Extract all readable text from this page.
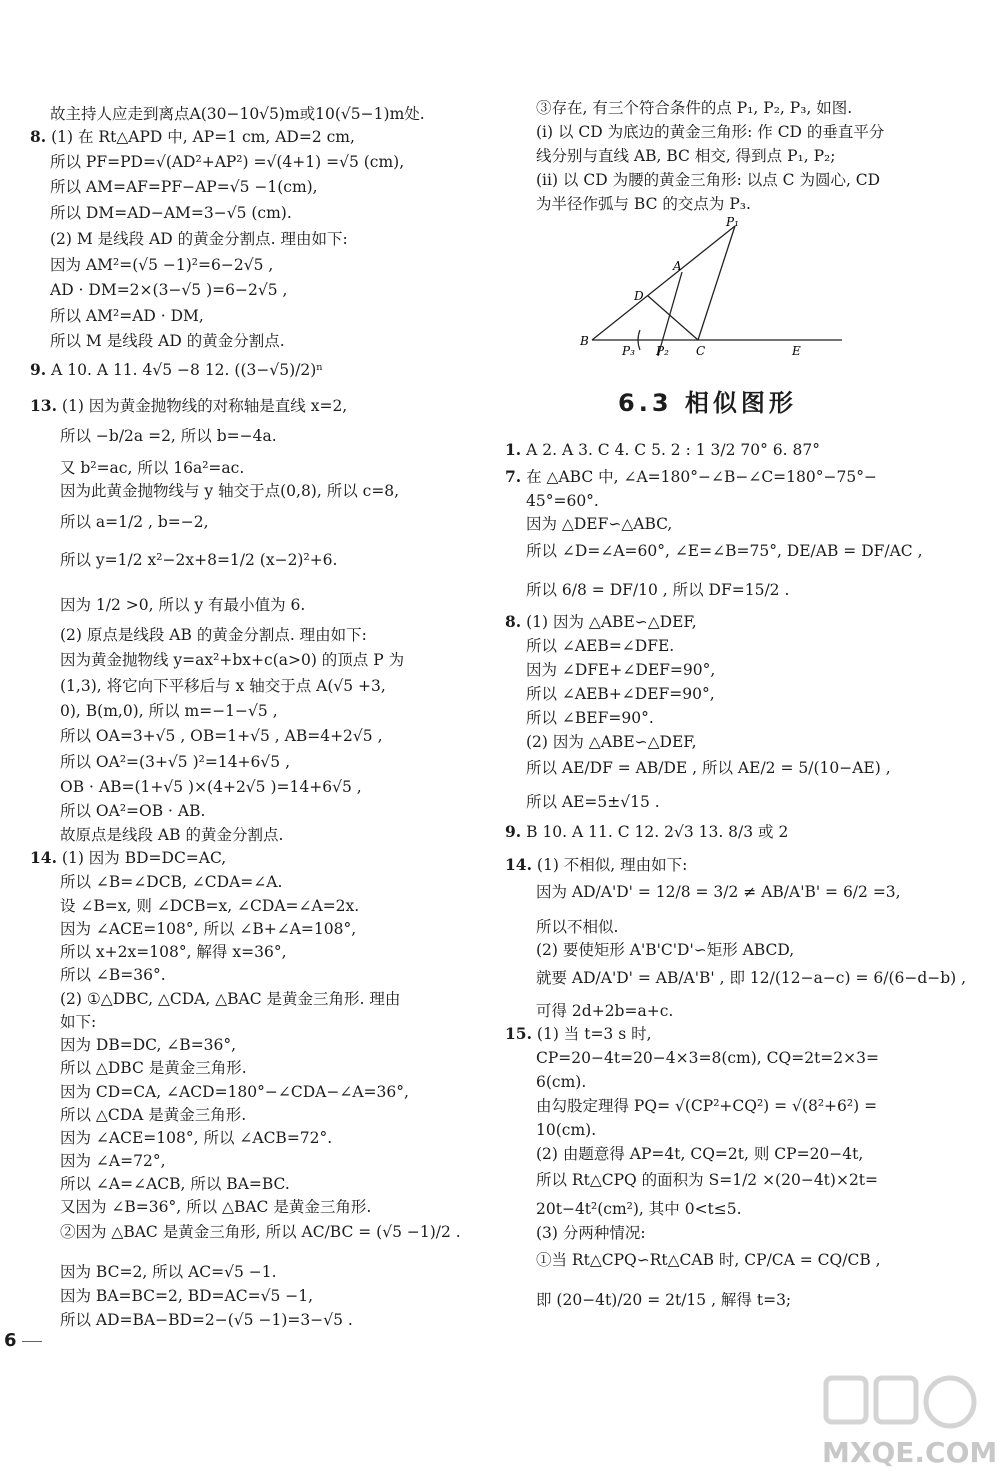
故主持人应走到离点A(30−10√5)m或10(√5−1)m处.
8. (1) 在 Rt△APD 中, AP=1 cm, AD=2 cm,
所以 PF=PD=√(AD²+AP²) =√(4+1) =√5 (cm),
所以 AM=AF=PF−AP=√5 −1(cm),
所以 DM=AD−AM=3−√5 (cm).
(2) M 是线段 AD 的黄金分割点. 理由如下:
因为 AM²=(√5 −1)²=6−2√5 ,
AD · DM=2×(3−√5 )=6−2√5 ,
所以 AM²=AD · DM,
所以 M 是线段 AD 的黄金分割点.
9. A 10. A 11. 4√5 −8 12. ((3−√5)/2)ⁿ
13. (1) 因为黄金抛物线的对称轴是直线 x=2,
所以 −b/2a =2, 所以 b=−4a.
又 b²=ac, 所以 16a²=ac.
因为此黄金抛物线与 y 轴交于点(0,8), 所以 c=8,
所以 a=1/2 , b=−2,
所以 y=1/2 x²−2x+8=1/2 (x−2)²+6.
因为 1/2 >0, 所以 y 有最小值为 6.
(2) 原点是线段 AB 的黄金分割点. 理由如下:
因为黄金抛物线 y=ax²+bx+c(a>0) 的顶点 P 为
(1,3), 将它向下平移后与 x 轴交于点 A(√5 +3,
0), B(m,0), 所以 m=−1−√5 ,
所以 OA=3+√5 , OB=1+√5 , AB=4+2√5 ,
所以 OA²=(3+√5 )²=14+6√5 ,
OB · AB=(1+√5 )×(4+2√5 )=14+6√5 ,
所以 OA²=OB · AB.
故原点是线段 AB 的黄金分割点.
14. (1) 因为 BD=DC=AC,
所以 ∠B=∠DCB, ∠CDA=∠A.
设 ∠B=x, 则 ∠DCB=x, ∠CDA=∠A=2x.
因为 ∠ACE=108°, 所以 ∠B+∠A=108°,
所以 x+2x=108°, 解得 x=36°,
所以 ∠B=36°.
(2) ①△DBC, △CDA, △BAC 是黄金三角形. 理由
如下:
因为 DB=DC, ∠B=36°,
所以 △DBC 是黄金三角形.
因为 CD=CA, ∠ACD=180°−∠CDA−∠A=36°,
所以 △CDA 是黄金三角形.
因为 ∠ACE=108°, 所以 ∠ACB=72°.
因为 ∠A=72°,
所以 ∠A=∠ACB, 所以 BA=BC.
又因为 ∠B=36°, 所以 △BAC 是黄金三角形.
②因为 △BAC 是黄金三角形, 所以 AC/BC = (√5 −1)/2 .
因为 BC=2, 所以 AC=√5 −1.
因为 BA=BC=2, BD=AC=√5 −1,
所以 AD=BA−BD=2−(√5 −1)=3−√5 .
③存在, 有三个符合条件的点 P₁, P₂, P₃, 如图.
(i) 以 CD 为底边的黄金三角形: 作 CD 的垂直平分
线分别与直线 AB, BC 相交, 得到点 P₁, P₂;
(ii) 以 CD 为腰的黄金三角形: 以点 C 为圆心, CD
为半径作弧与 BC 的交点为 P₃.
1. A 2. A 3. C 4. C 5. 2 : 1 3/2 70° 6. 87°
7. 在 △ABC 中, ∠A=180°−∠B−∠C=180°−75°−
45°=60°.
因为 △DEF∽△ABC,
所以 ∠D=∠A=60°, ∠E=∠B=75°, DE/AB = DF/AC ,
所以 6/8 = DF/10 , 所以 DF=15/2 .
8. (1) 因为 △ABE∽△DEF,
所以 ∠AEB=∠DFE.
因为 ∠DFE+∠DEF=90°,
所以 ∠AEB+∠DEF=90°,
所以 ∠BEF=90°.
(2) 因为 △ABE∽△DEF,
所以 AE/DF = AB/DE , 所以 AE/2 = 5/(10−AE) ,
所以 AE=5±√15 .
9. B 10. A 11. C 12. 2√3 13. 8/3 或 2
14. (1) 不相似, 理由如下:
因为 AD/A'D' = 12/8 = 3/2 ≠ AB/A'B' = 6/2 =3,
所以不相似.
(2) 要使矩形 A'B'C'D'∽矩形 ABCD,
就要 AD/A'D' = AB/A'B' , 即 12/(12−a−c) = 6/(6−d−b) ,
可得 2d+2b=a+c.
15. (1) 当 t=3 s 时,
CP=20−4t=20−4×3=8(cm), CQ=2t=2×3=
6(cm).
由勾股定理得 PQ= √(CP²+CQ²) = √(8²+6²) =
10(cm).
(2) 由题意得 AP=4t, CQ=2t, 则 CP=20−4t,
所以 Rt△CPQ 的面积为 S=1/2 ×(20−4t)×2t=
20t−4t²(cm²), 其中 0<t≤5.
(3) 分两种情况:
①当 Rt△CPQ∽Rt△CAB 时, CP/CA = CQ/CB ,
即 (20−4t)/20 = 2t/15 , 解得 t=3;
6.3 相似图形
P₁
A
D
B
P₃ P₂ C	E
6
MXQE.COM
